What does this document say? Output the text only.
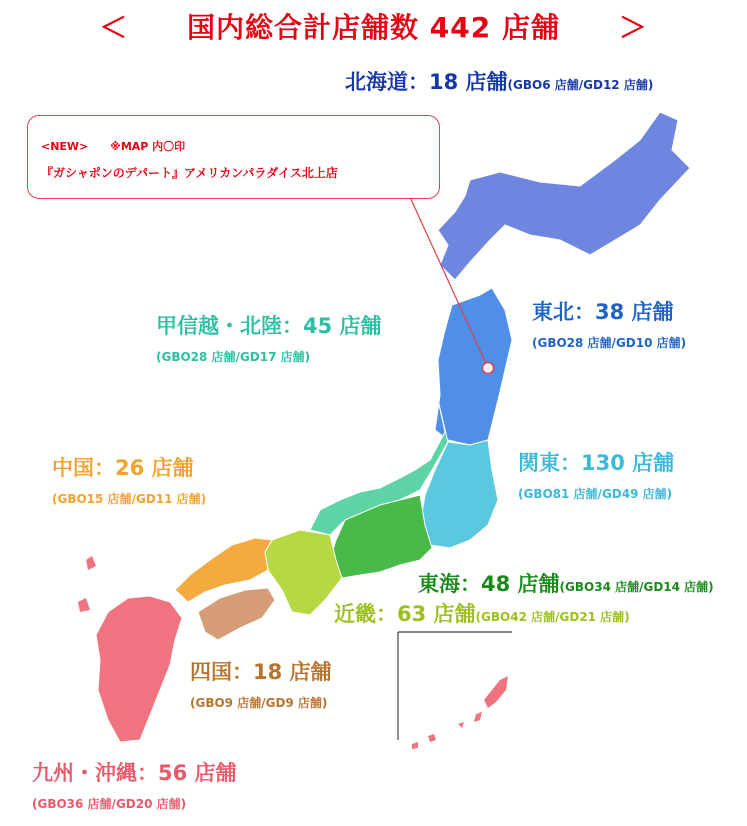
＜ 国内総合計店舗数 442 店舗 ＞
<NEW> ※MAP 内〇印
『ガシャポンのデパート』アメリカンパラダイス北上店
北海道：18 店舗(GBO6 店舗/GD12 店舗)
東北：38 店舗
(GBO28 店舗/GD10 店舗)
甲信越・北陸：45 店舗
(GBO28 店舗/GD17 店舗)
中国：26 店舗
(GBO15 店舗/GD11 店舗)
関東：130 店舗
(GBO81 店舗/GD49 店舗)
東海：48 店舗(GBO34 店舗/GD14 店舗)
近畿：63 店舗(GBO42 店舗/GD21 店舗)
四国：18 店舗
(GBO9 店舗/GD9 店舗)
九州・沖縄：56 店舗
(GBO36 店舗/GD20 店舗)
